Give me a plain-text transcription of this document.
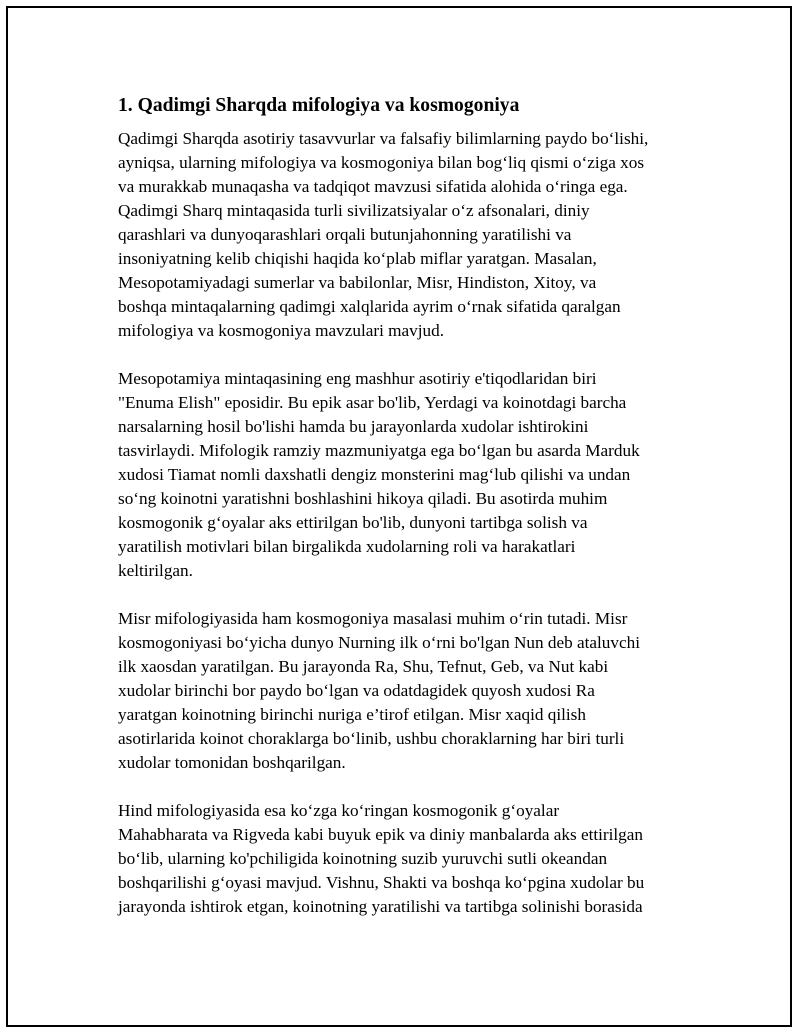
1. Qadimgi Sharqda mifologiya va kosmogoniya

Qadimgi Sharqda asotiriy tasavvurlar va falsafiy bilimlarning paydo bo‘lishi,
ayniqsa, ularning mifologiya va kosmogoniya bilan bog‘liq qismi o‘ziga xos
va murakkab munaqasha va tadqiqot mavzusi sifatida alohida o‘ringa ega.
Qadimgi Sharq mintaqasida turli sivilizatsiyalar o‘z afsonalari, diniy
qarashlari va dunyoqarashlari orqali butunjahonning yaratilishi va
insoniyatning kelib chiqishi haqida ko‘plab miflar yaratgan. Masalan,
Mesopotamiyadagi sumerlar va babilonlar, Misr, Hindiston, Xitoy, va
boshqa mintaqalarning qadimgi xalqlarida ayrim o‘rnak sifatida qaralgan
mifologiya va kosmogoniya mavzulari mavjud.

Mesopotamiya mintaqasining eng mashhur asotiriy e'tiqodlaridan biri
"Enuma Elish" eposidir. Bu epik asar bo'lib, Yerdagi va koinotdagi barcha
narsalarning hosil bo'lishi hamda bu jarayonlarda xudolar ishtirokini
tasvirlaydi. Mifologik ramziy mazmuniyatga ega bo‘lgan bu asarda Marduk
xudosi Tiamat nomli daxshatli dengiz monsterini mag‘lub qilishi va undan
so‘ng koinotni yaratishni boshlashini hikoya qiladi. Bu asotirda muhim
kosmogonik g‘oyalar aks ettirilgan bo'lib, dunyoni tartibga solish va
yaratilish motivlari bilan birgalikda xudolarning roli va harakatlari
keltirilgan.

Misr mifologiyasida ham kosmogoniya masalasi muhim o‘rin tutadi. Misr
kosmogoniyasi bo‘yicha dunyo Nurning ilk o‘rni bo'lgan Nun deb ataluvchi
ilk xaosdan yaratilgan. Bu jarayonda Ra, Shu, Tefnut, Geb, va Nut kabi
xudolar birinchi bor paydo bo‘lgan va odatdagidek quyosh xudosi Ra
yaratgan koinotning birinchi nuriga e’tirof etilgan. Misr xaqid qilish
asotirlarida koinot choraklarga bo‘linib, ushbu choraklarning har biri turli
xudolar tomonidan boshqarilgan.

Hind mifologiyasida esa ko‘zga ko‘ringan kosmogonik g‘oyalar
Mahabharata va Rigveda kabi buyuk epik va diniy manbalarda aks ettirilgan
bo‘lib, ularning ko'pchiligida koinotning suzib yuruvchi sutli okeandan
boshqarilishi g‘oyasi mavjud. Vishnu, Shakti va boshqa ko‘pgina xudolar bu
jarayonda ishtirok etgan, koinotning yaratilishi va tartibga solinishi borasida
